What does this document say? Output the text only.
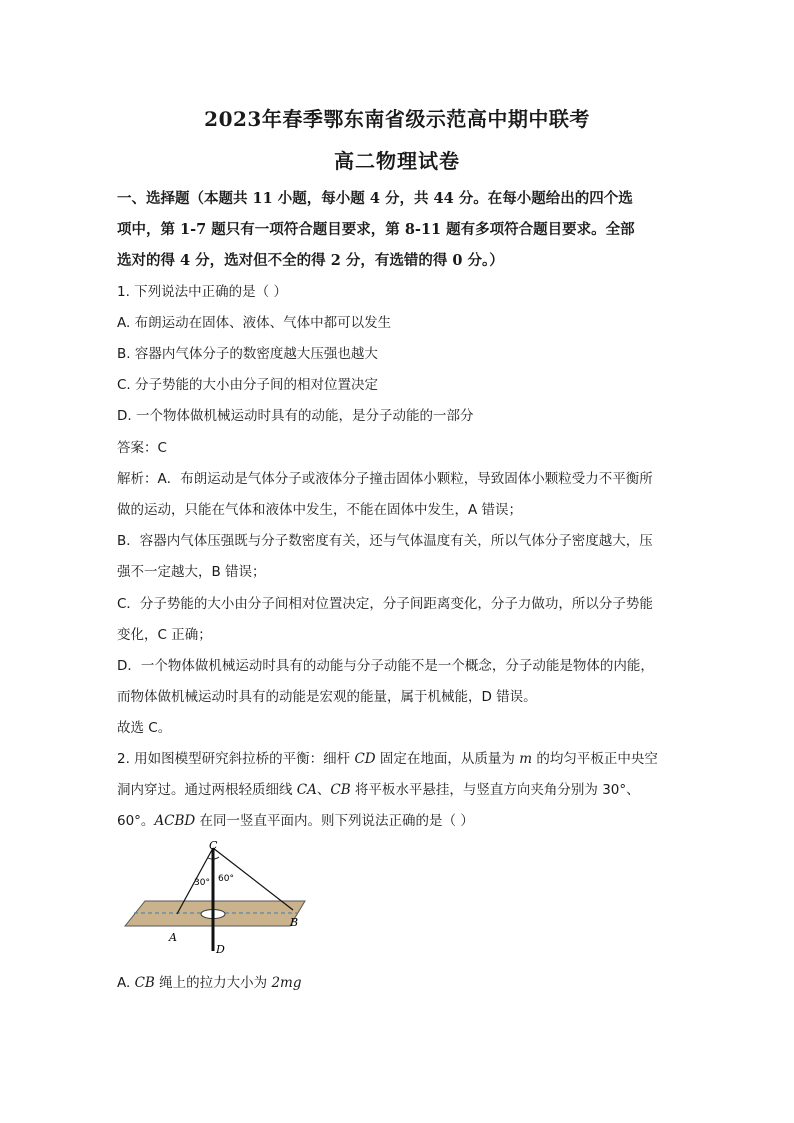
2023年春季鄂东南省级示范高中期中联考
高二物理试卷
一、选择题（本题共 11 小题，每小题 4 分，共 44 分。在每小题给出的四个选
项中，第 1-7 题只有一项符合题目要求，第 8-11 题有多项符合题目要求。全部
选对的得 4 分，选对但不全的得 2 分，有选错的得 0 分。）
1. 下列说法中正确的是（ ）
A. 布朗运动在固体、液体、气体中都可以发生
B. 容器内气体分子的数密度越大压强也越大
C. 分子势能的大小由分子间的相对位置决定
D. 一个物体做机械运动时具有的动能，是分子动能的一部分
答案：C
解析：A．布朗运动是气体分子或液体分子撞击固体小颗粒，导致固体小颗粒受力不平衡所
做的运动，只能在气体和液体中发生，不能在固体中发生，A 错误；
B．容器内气体压强既与分子数密度有关，还与气体温度有关，所以气体分子密度越大，压
强不一定越大，B 错误；
C．分子势能的大小由分子间相对位置决定，分子间距离变化，分子力做功，所以分子势能
变化，C 正确；
D．一个物体做机械运动时具有的动能与分子动能不是一个概念，分子动能是物体的内能，
而物体做机械运动时具有的动能是宏观的能量，属于机械能，D 错误。
故选 C。
2. 用如图模型研究斜拉桥的平衡：细杆 CD 固定在地面，从质量为 m 的均匀平板正中央空
洞内穿过。通过两根轻质细线 CA、CB 将平板水平悬挂，与竖直方向夹角分别为 30°、
60°。ACBD 在同一竖直平面内。则下列说法正确的是（ ）
C
30° 60°
A
B
D
A. CB 绳上的拉力大小为 2mg
